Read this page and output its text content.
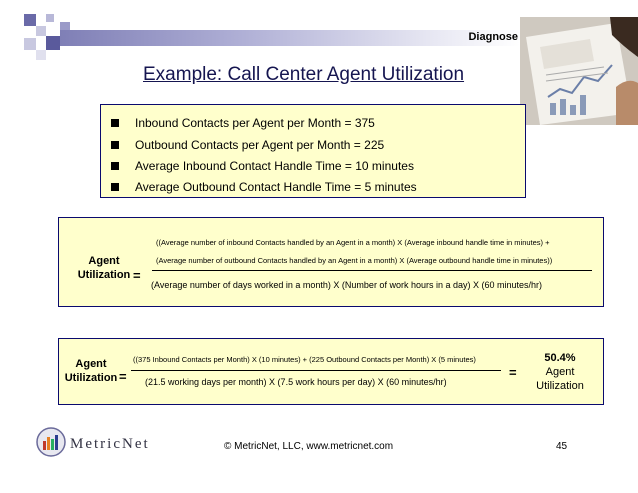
Diagnose
Example: Call Center Agent Utilization
Inbound Contacts per Agent per Month = 375
Outbound Contacts per Agent per Month = 225
Average Inbound Contact Handle Time = 10 minutes
Average Outbound Contact Handle Time = 5 minutes
Agent
Utilization =
((Average number of inbound Contacts handled by an Agent in a month) X (Average inbound handle time in minutes) +
(Average number of outbound Contacts handled by an Agent in a month) X (Average outbound handle time in minutes))
(Average number of days worked in a month) X (Number of work hours in a day) X (60 minutes/hr)
Agent
Utilization =
((375 Inbound Contacts per Month) X (10 minutes) + (225 Outbound Contacts per Month) X (5 minutes)
(21.5 working days per month) X (7.5 work hours per day) X (60 minutes/hr)
=
50.4%
Agent
Utilization
MetricNet	© MetricNet, LLC, www.metricnet.com	45
